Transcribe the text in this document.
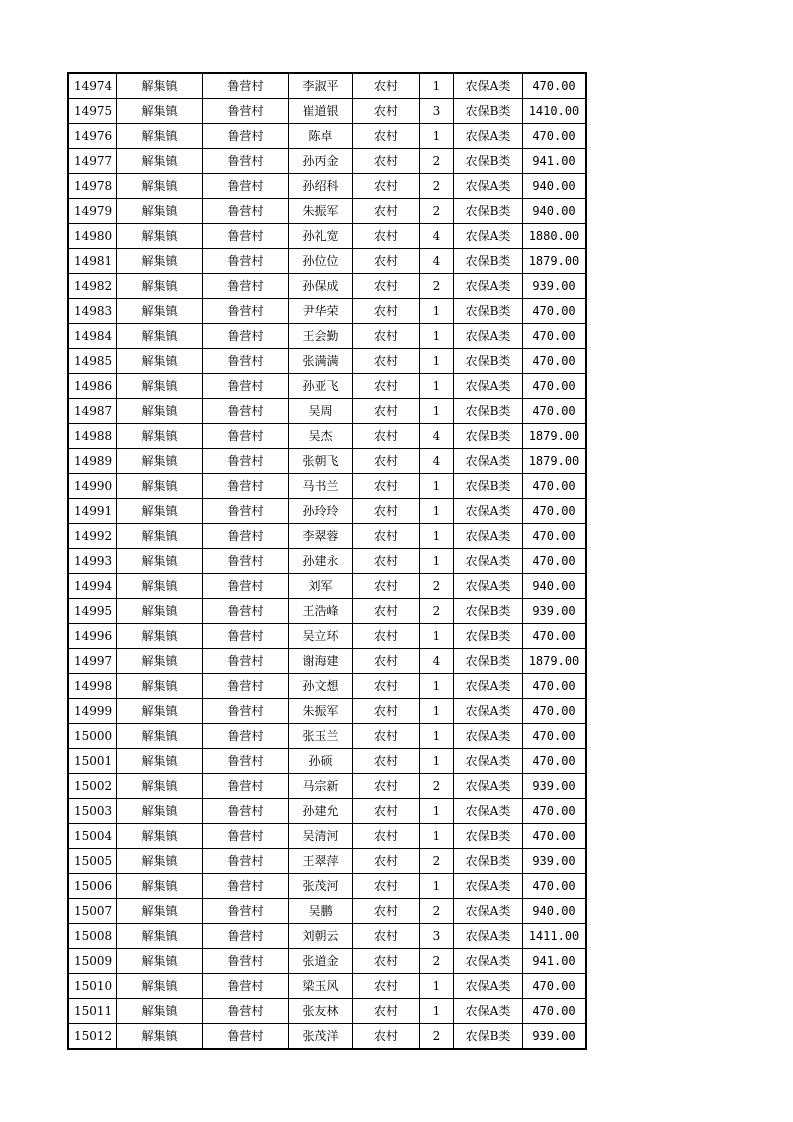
14974	解集镇	鲁营村	李淑平	农村	1	农保A类	470.00
14975	解集镇	鲁营村	崔道银	农村	3	农保B类	1410.00
14976	解集镇	鲁营村	陈卓	农村	1	农保A类	470.00
14977	解集镇	鲁营村	孙丙金	农村	2	农保B类	941.00
14978	解集镇	鲁营村	孙绍科	农村	2	农保A类	940.00
14979	解集镇	鲁营村	朱振军	农村	2	农保B类	940.00
14980	解集镇	鲁营村	孙礼宽	农村	4	农保A类	1880.00
14981	解集镇	鲁营村	孙位位	农村	4	农保B类	1879.00
14982	解集镇	鲁营村	孙保成	农村	2	农保A类	939.00
14983	解集镇	鲁营村	尹华荣	农村	1	农保B类	470.00
14984	解集镇	鲁营村	王会勤	农村	1	农保A类	470.00
14985	解集镇	鲁营村	张满满	农村	1	农保B类	470.00
14986	解集镇	鲁营村	孙亚飞	农村	1	农保A类	470.00
14987	解集镇	鲁营村	吴周	农村	1	农保B类	470.00
14988	解集镇	鲁营村	吴杰	农村	4	农保B类	1879.00
14989	解集镇	鲁营村	张朝飞	农村	4	农保A类	1879.00
14990	解集镇	鲁营村	马书兰	农村	1	农保B类	470.00
14991	解集镇	鲁营村	孙玲玲	农村	1	农保A类	470.00
14992	解集镇	鲁营村	李翠蓉	农村	1	农保A类	470.00
14993	解集镇	鲁营村	孙建永	农村	1	农保A类	470.00
14994	解集镇	鲁营村	刘军	农村	2	农保A类	940.00
14995	解集镇	鲁营村	王浩峰	农村	2	农保B类	939.00
14996	解集镇	鲁营村	吴立环	农村	1	农保B类	470.00
14997	解集镇	鲁营村	谢海建	农村	4	农保B类	1879.00
14998	解集镇	鲁营村	孙文想	农村	1	农保A类	470.00
14999	解集镇	鲁营村	朱振军	农村	1	农保A类	470.00
15000	解集镇	鲁营村	张玉兰	农村	1	农保A类	470.00
15001	解集镇	鲁营村	孙硕	农村	1	农保A类	470.00
15002	解集镇	鲁营村	马宗新	农村	2	农保A类	939.00
15003	解集镇	鲁营村	孙建允	农村	1	农保A类	470.00
15004	解集镇	鲁营村	吴清河	农村	1	农保B类	470.00
15005	解集镇	鲁营村	王翠萍	农村	2	农保B类	939.00
15006	解集镇	鲁营村	张茂河	农村	1	农保A类	470.00
15007	解集镇	鲁营村	吴鹏	农村	2	农保A类	940.00
15008	解集镇	鲁营村	刘朝云	农村	3	农保A类	1411.00
15009	解集镇	鲁营村	张道金	农村	2	农保A类	941.00
15010	解集镇	鲁营村	梁玉风	农村	1	农保A类	470.00
15011	解集镇	鲁营村	张友林	农村	1	农保A类	470.00
15012	解集镇	鲁营村	张茂洋	农村	2	农保B类	939.00
